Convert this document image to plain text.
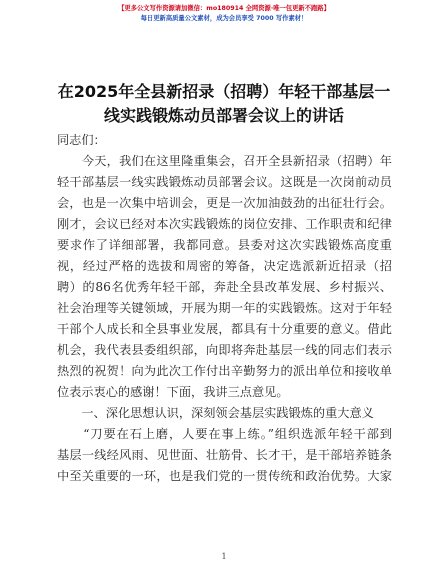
【更多公文写作资源请加微信：mo180914 全网资源·唯一包更新不跑路】
每日更新高质量公文素材，成为会员享受 7000 写作素材！
在2025年全县新招录（招聘）年轻干部基层一
线实践锻炼动员部署会议上的讲话
同志们：
　　今天，我们在这里隆重集会，召开全县新招录（招聘）年
轻干部基层一线实践锻炼动员部署会议。这既是一次岗前动员
会，也是一次集中培训会，更是一次加油鼓劲的出征壮行会。
刚才，会议已经对本次实践锻炼的岗位安排、工作职责和纪律
要求作了详细部署，我都同意。县委对这次实践锻炼高度重
视，经过严格的选拔和周密的筹备，决定选派新近招录（招
聘）的86名优秀年轻干部，奔赴全县改革发展、乡村振兴、
社会治理等关键领域，开展为期一年的实践锻炼。这对于年轻
干部个人成长和全县事业发展，都具有十分重要的意义。借此
机会，我代表县委组织部，向即将奔赴基层一线的同志们表示
热烈的祝贺！向为此次工作付出辛勤努力的派出单位和接收单
位表示衷心的感谢！下面，我讲三点意见。
　　一、深化思想认识，深刻领会基层实践锻炼的重大意义
　　“刀要在石上磨，人要在事上练。”组织选派年轻干部到
基层一线经风雨、见世面、壮筋骨、长才干，是干部培养链条
中至关重要的一环，也是我们党的一贯传统和政治优势。大家
1
